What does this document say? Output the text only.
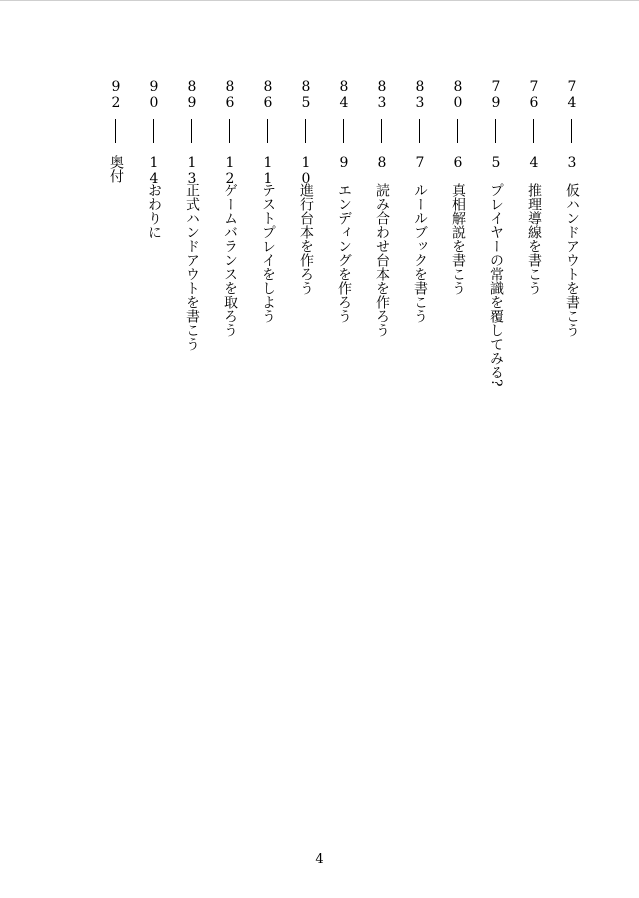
74
3
仮ハンドアウトを書こう
76
4
推理導線を書こう
79
5
プレイヤーの常識を覆してみる?
80
6
真相解説を書こう
83
7
ルールブックを書こう
83
8
読み合わせ台本を作ろう
84
9
エンディングを作ろう
85
10
進行台本を作ろう
86
11
テストプレイをしよう
86
12
ゲームバランスを取ろう
89
13
正式ハンドアウトを書こう
90
14
おわりに
92
奥付
4
